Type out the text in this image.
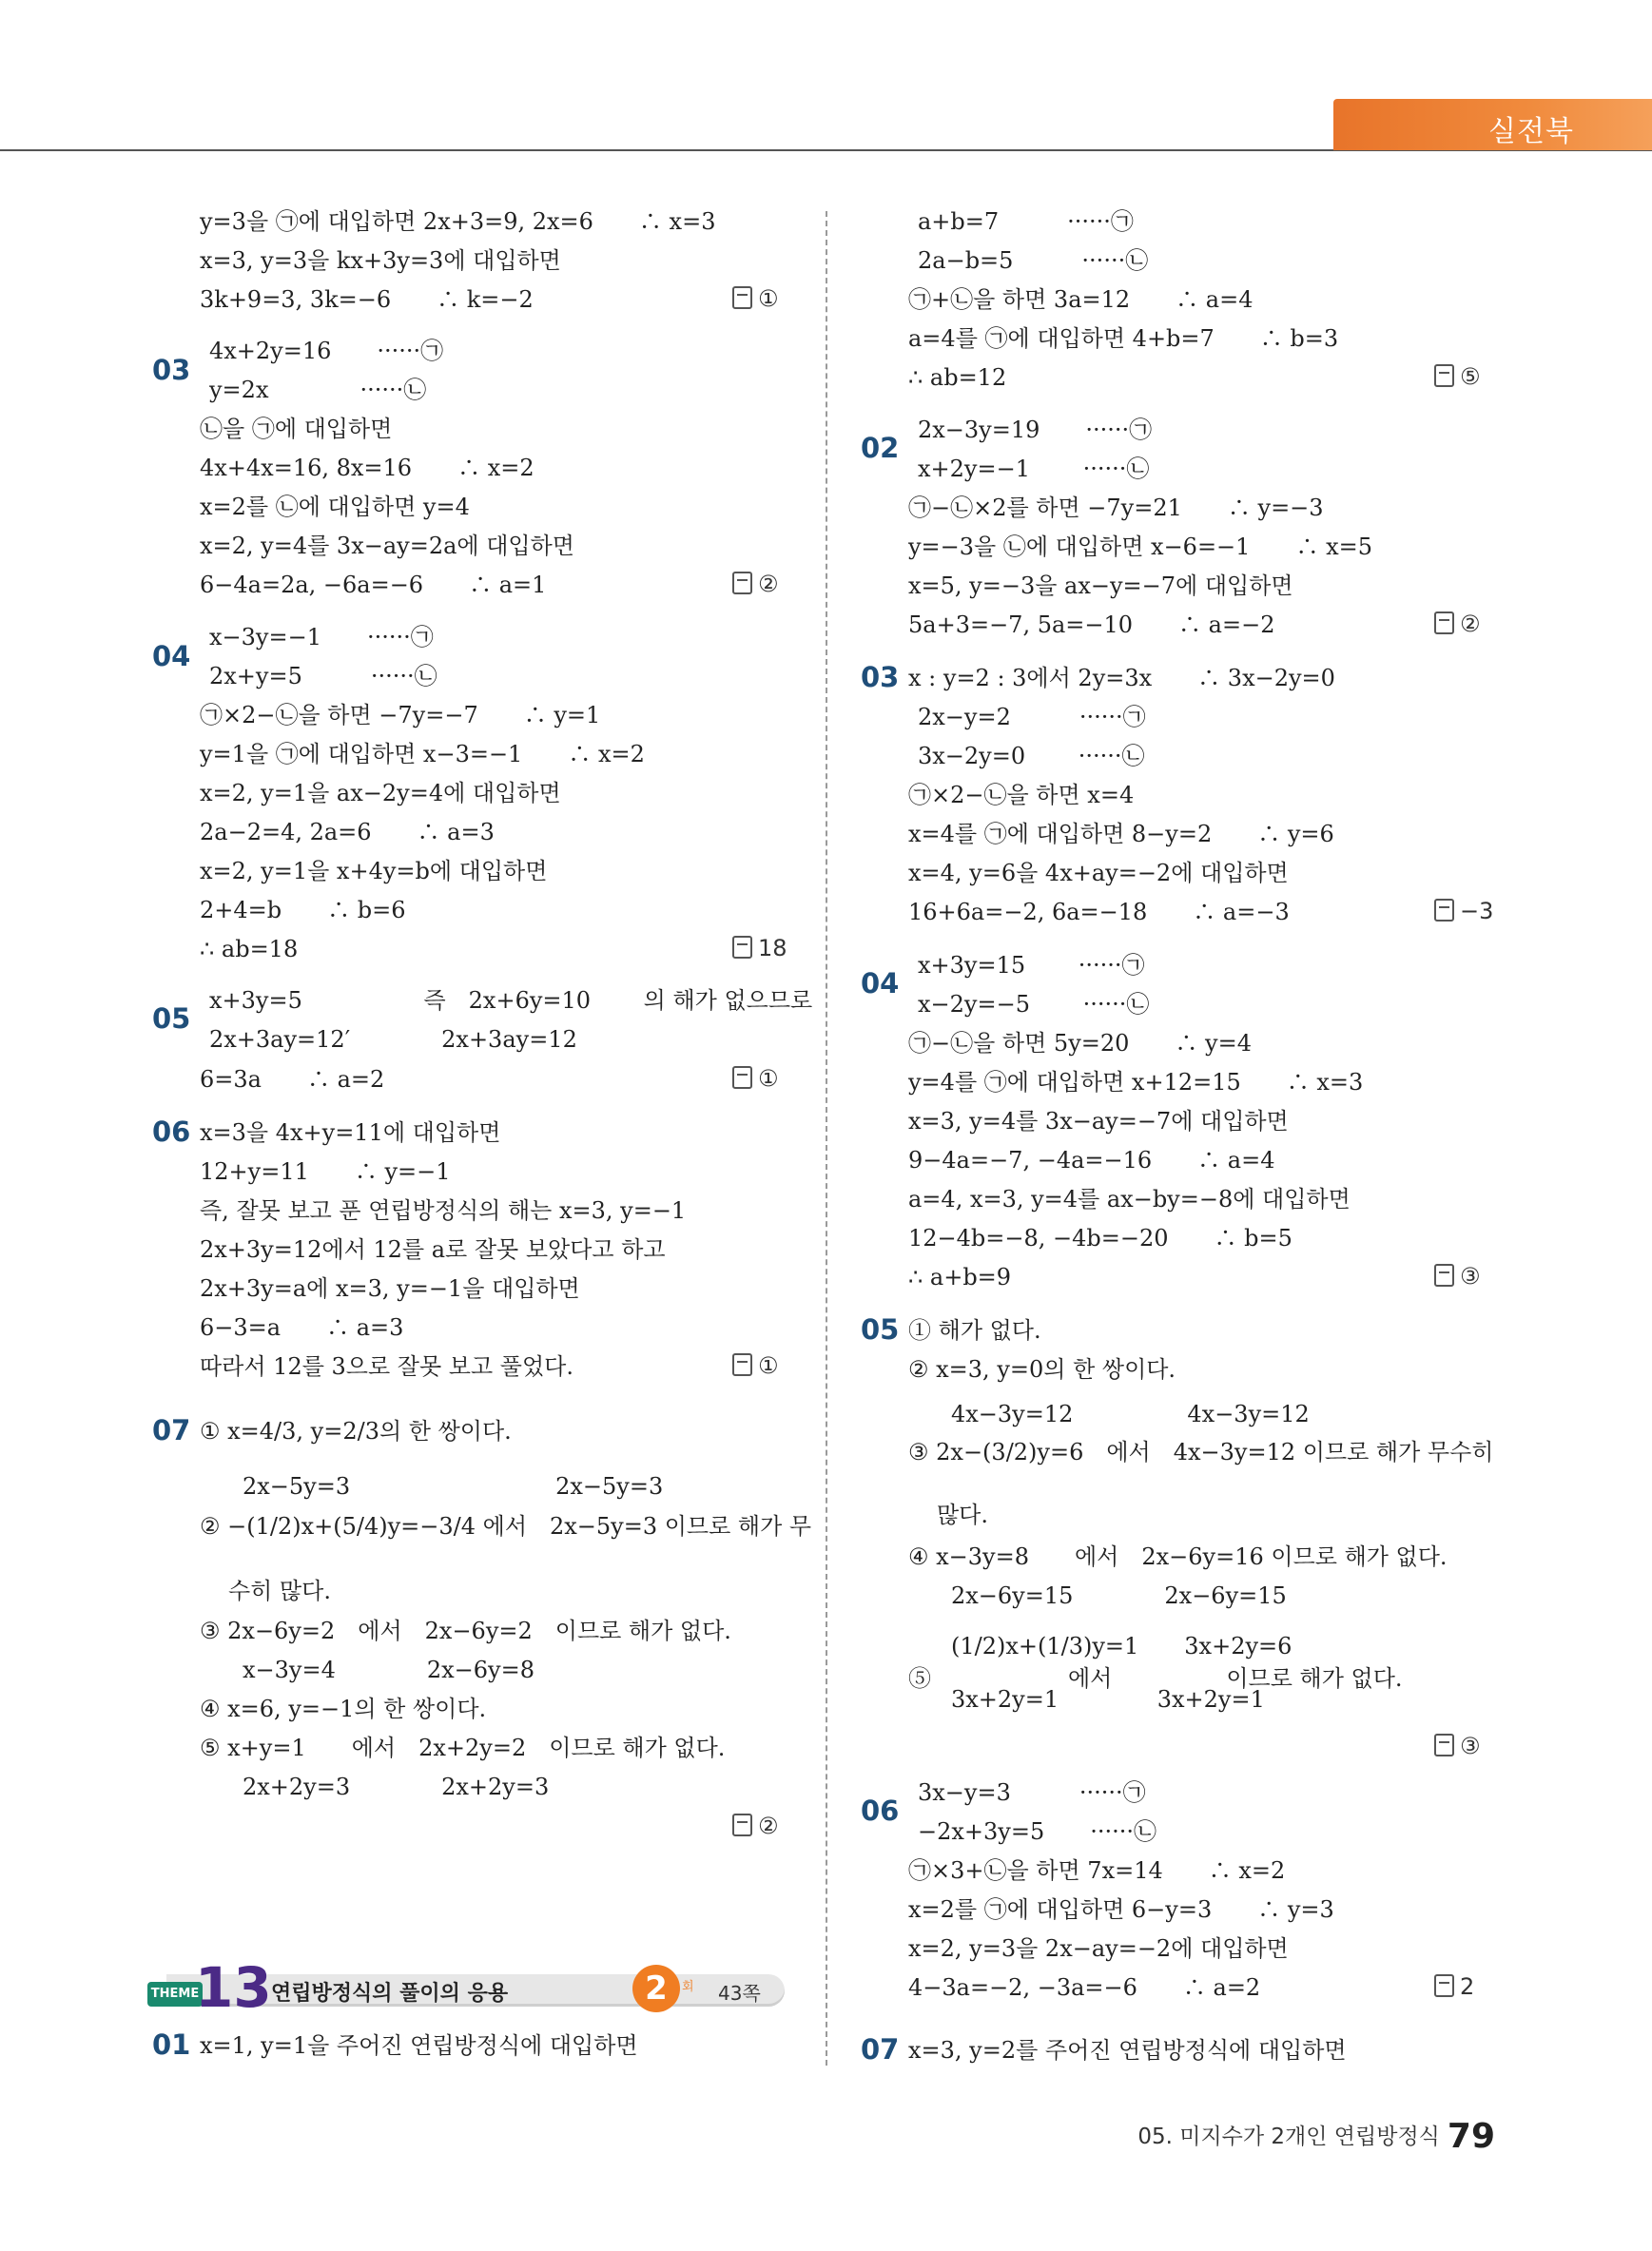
실전북
y=3을 ㉠에 대입하면 2x+3=9, 2x=6　　∴ x=3
x=3, y=3을 kx+3y=3에 대입하면
3k+9=3, 3k=−6　　∴ k=−2
4x+2y=16　　······㉠
y=2x　　　　······㉡
㉡을 ㉠에 대입하면
4x+4x=16, 8x=16　　∴ x=2
x=2를 ㉡에 대입하면 y=4
x=2, y=4를 3x−ay=2a에 대입하면
6−4a=2a, −6a=−6　　∴ a=1
x−3y=−1　　······㉠
2x+y=5　　　······㉡
㉠×2−㉡을 하면 −7y=−7　　∴ y=1
y=1을 ㉠에 대입하면 x−3=−1　　∴ x=2
x=2, y=1을 ax−2y=4에 대입하면
2a−2=4, 2a=6　　∴ a=3
x=2, y=1을 x+4y=b에 대입하면
2+4=b　　∴ b=6
∴ ab=18
x+3y=5　　　　　 즉　2x+6y=10　　 의 해가 없으므로
2x+3ay=12′　　　　2x+3ay=12
6=3a　　∴ a=2
x=3을 4x+y=11에 대입하면
12+y=11　　∴ y=−1
즉, 잘못 보고 푼 연립방정식의 해는 x=3, y=−1
2x+3y=12에서 12를 a로 잘못 보았다고 하고
2x+3y=a에 x=3, y=−1을 대입하면
6−3=a　　∴ a=3
따라서 12를 3으로 잘못 보고 풀었다.
① x=4/3, y=2/3의 한 쌍이다.
2x−5y=3　　　　　　　　　2x−5y=3
② −(1/2)x+(5/4)y=−3/4 에서　2x−5y=3 이므로 해가 무
수히 많다.
③ 2x−6y=2　에서　2x−6y=2　이므로 해가 없다.
x−3y=4　　　　2x−6y=8
④ x=6, y=−1의 한 쌍이다.
⑤ x+y=1　　에서　2x+2y=2　이므로 해가 없다.
2x+2y=3　　　　2x+2y=3
x=1, y=1을 주어진 연립방정식에 대입하면
03
04
05
06
07
01
①
②
18
①
①
②
a+b=7　　　······㉠
2a−b=5　　　······㉡
㉠+㉡을 하면 3a=12　　∴ a=4
a=4를 ㉠에 대입하면 4+b=7　　∴ b=3
∴ ab=12
2x−3y=19　　······㉠
x+2y=−1　　 ······㉡
㉠−㉡×2를 하면 −7y=21　　∴ y=−3
y=−3을 ㉡에 대입하면 x−6=−1　　∴ x=5
x=5, y=−3을 ax−y=−7에 대입하면
5a+3=−7, 5a=−10　　∴ a=−2
x : y=2 : 3에서 2y=3x　　∴ 3x−2y=0
2x−y=2　　　······㉠
3x−2y=0　　 ······㉡
㉠×2−㉡을 하면 x=4
x=4를 ㉠에 대입하면 8−y=2　　∴ y=6
x=4, y=6을 4x+ay=−2에 대입하면
16+6a=−2, 6a=−18　　∴ a=−3
x+3y=15　　 ······㉠
x−2y=−5　　 ······㉡
㉠−㉡을 하면 5y=20　　∴ y=4
y=4를 ㉠에 대입하면 x+12=15　　∴ x=3
x=3, y=4를 3x−ay=−7에 대입하면
9−4a=−7, −4a=−16　　∴ a=4
a=4, x=3, y=4를 ax−by=−8에 대입하면
12−4b=−8, −4b=−20　　∴ b=5
∴ a+b=9
① 해가 없다.
② x=3, y=0의 한 쌍이다.
4x−3y=12　　　　　4x−3y=12
③ 2x−(3/2)y=6　에서　4x−3y=12 이므로 해가 무수히
많다.
④ x−3y=8　　에서　2x−6y=16 이므로 해가 없다.
2x−6y=15　　　　2x−6y=15
(1/2)x+(1/3)y=1　　3x+2y=6
⑤　　　　　　에서　　　　　이므로 해가 없다.
3x+2y=1　　　　 3x+2y=1
3x−y=3　　　······㉠
−2x+3y=5　　······㉡
㉠×3+㉡을 하면 7x=14　　∴ x=2
x=2를 ㉠에 대입하면 6−y=3　　∴ y=3
x=2, y=3을 2x−ay=−2에 대입하면
4−3a=−2, −3a=−6　　∴ a=2
x=3, y=2를 주어진 연립방정식에 대입하면
02
03
04
05
06
07
⑤
②
−3
③
③
2
THEME
13 연립방정식의 풀이의 응용	2	회 43쪽
05. 미지수가 2개인 연립방정식 79
